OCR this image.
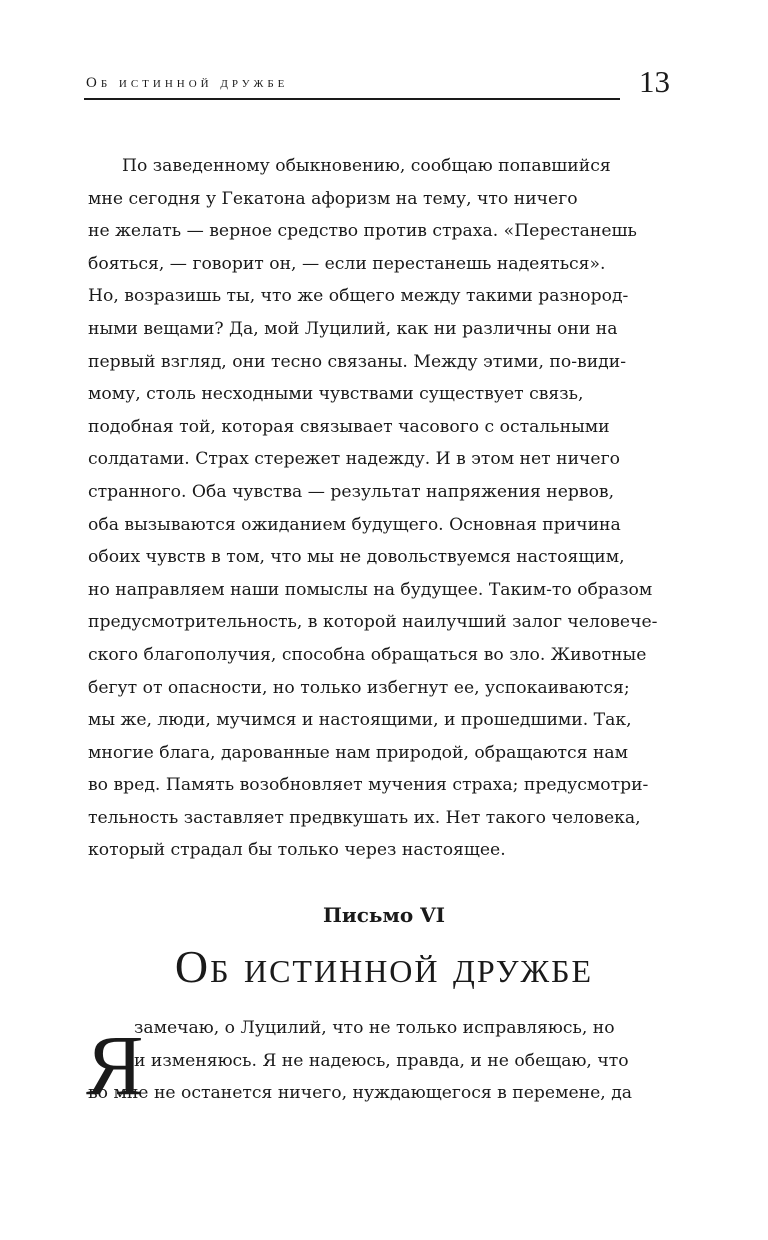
Об истинной дружбе	13
По заведенному обыкновению, сообщаю попавшийся
мне сегодня у Гекатона афоризм на тему, что ничего
не желать — верное средство против страха. «Перестанешь
бояться, — говорит он, — если перестанешь надеяться».
Но, возразишь ты, что же общего между такими разнород-
ными вещами? Да, мой Луцилий, как ни различны они на
первый взгляд, они тесно связаны. Между этими, по-види-
мому, столь несходными чувствами существует связь,
подобная той, которая связывает часового с остальными
солдатами. Страх стережет надежду. И в этом нет ничего
странного. Оба чувства — результат напряжения нервов,
оба вызываются ожиданием будущего. Основная причина
обоих чувств в том, что мы не довольствуемся настоящим,
но направляем наши помыслы на будущее. Таким-то образом
предусмотрительность, в которой наилучший залог человече-
ского благополучия, способна обращаться во зло. Животные
бегут от опасности, но только избегнут ее, успокаиваются;
мы же, люди, мучимся и настоящими, и прошедшими. Так,
многие блага, дарованные нам природой, обращаются нам
во вред. Память возобновляет мучения страха; предусмотри-
тельность заставляет предвкушать их. Нет такого человека,
который страдал бы только через настоящее.
Письмо VI
Об истинной дружбе
Я
замечаю, о Луцилий, что не только исправляюсь, но
и изменяюсь. Я не надеюсь, правда, и не обещаю, что
во мне не останется ничего, нуждающегося в перемене, да
